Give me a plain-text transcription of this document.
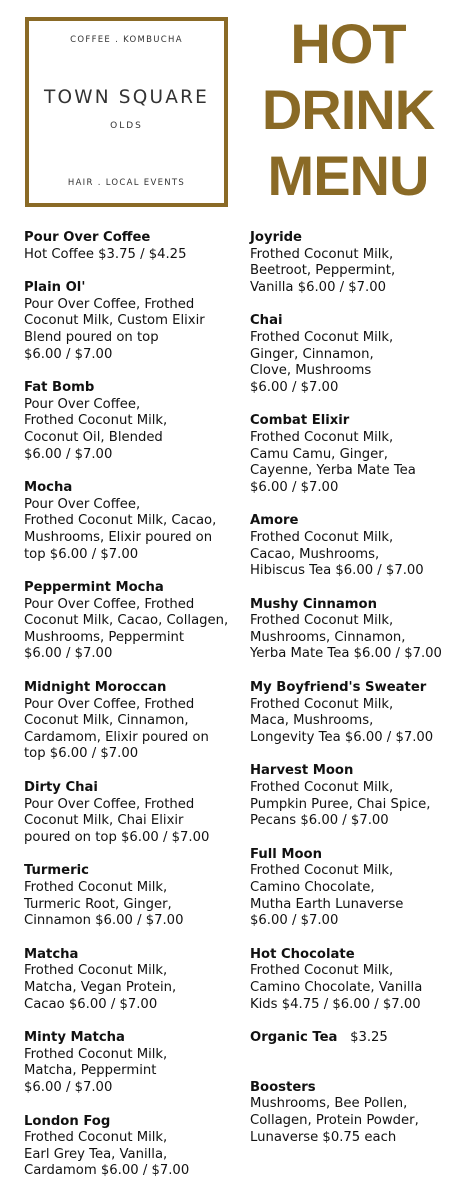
COFFEE . KOMBUCHA
TOWN SQUARE
OLDS
HAIR . LOCAL EVENTS
HOT
DRINK
MENU
Pour Over Coffee
Hot Coffee $3.75 / $4.25
Plain Ol'
Pour Over Coffee, Frothed
Coconut Milk, Custom Elixir
Blend poured on top
$6.00 / $7.00
Fat Bomb
Pour Over Coffee,
Frothed Coconut Milk,
Coconut Oil, Blended
$6.00 / $7.00
Mocha
Pour Over Coffee,
Frothed Coconut Milk, Cacao,
Mushrooms, Elixir poured on
top $6.00 / $7.00
Peppermint Mocha
Pour Over Coffee, Frothed
Coconut Milk, Cacao, Collagen,
Mushrooms, Peppermint
$6.00 / $7.00
Midnight Moroccan
Pour Over Coffee, Frothed
Coconut Milk, Cinnamon,
Cardamom, Elixir poured on
top $6.00 / $7.00
Dirty Chai
Pour Over Coffee, Frothed
Coconut Milk, Chai Elixir
poured on top $6.00 / $7.00
Turmeric
Frothed Coconut Milk,
Turmeric Root, Ginger,
Cinnamon $6.00 / $7.00
Matcha
Frothed Coconut Milk,
Matcha, Vegan Protein,
Cacao $6.00 / $7.00
Minty Matcha
Frothed Coconut Milk,
Matcha, Peppermint
$6.00 / $7.00
London Fog
Frothed Coconut Milk,
Earl Grey Tea, Vanilla,
Cardamom $6.00 / $7.00
Joyride
Frothed Coconut Milk,
Beetroot, Peppermint,
Vanilla $6.00 / $7.00
Chai
Frothed Coconut Milk,
Ginger, Cinnamon,
Clove, Mushrooms
$6.00 / $7.00
Combat Elixir
Frothed Coconut Milk,
Camu Camu, Ginger,
Cayenne, Yerba Mate Tea
$6.00 / $7.00
Amore
Frothed Coconut Milk,
Cacao, Mushrooms,
Hibiscus Tea $6.00 / $7.00
Mushy Cinnamon
Frothed Coconut Milk,
Mushrooms, Cinnamon,
Yerba Mate Tea $6.00 / $7.00
My Boyfriend's Sweater
Frothed Coconut Milk,
Maca, Mushrooms,
Longevity Tea $6.00 / $7.00
Harvest Moon
Frothed Coconut Milk,
Pumpkin Puree, Chai Spice,
Pecans $6.00 / $7.00
Full Moon
Frothed Coconut Milk,
Camino Chocolate,
Mutha Earth Lunaverse
$6.00 / $7.00
Hot Chocolate
Frothed Coconut Milk,
Camino Chocolate, Vanilla
Kids $4.75 / $6.00 / $7.00
Organic Tea $3.25
Boosters
Mushrooms, Bee Pollen,
Collagen, Protein Powder,
Lunaverse $0.75 each
